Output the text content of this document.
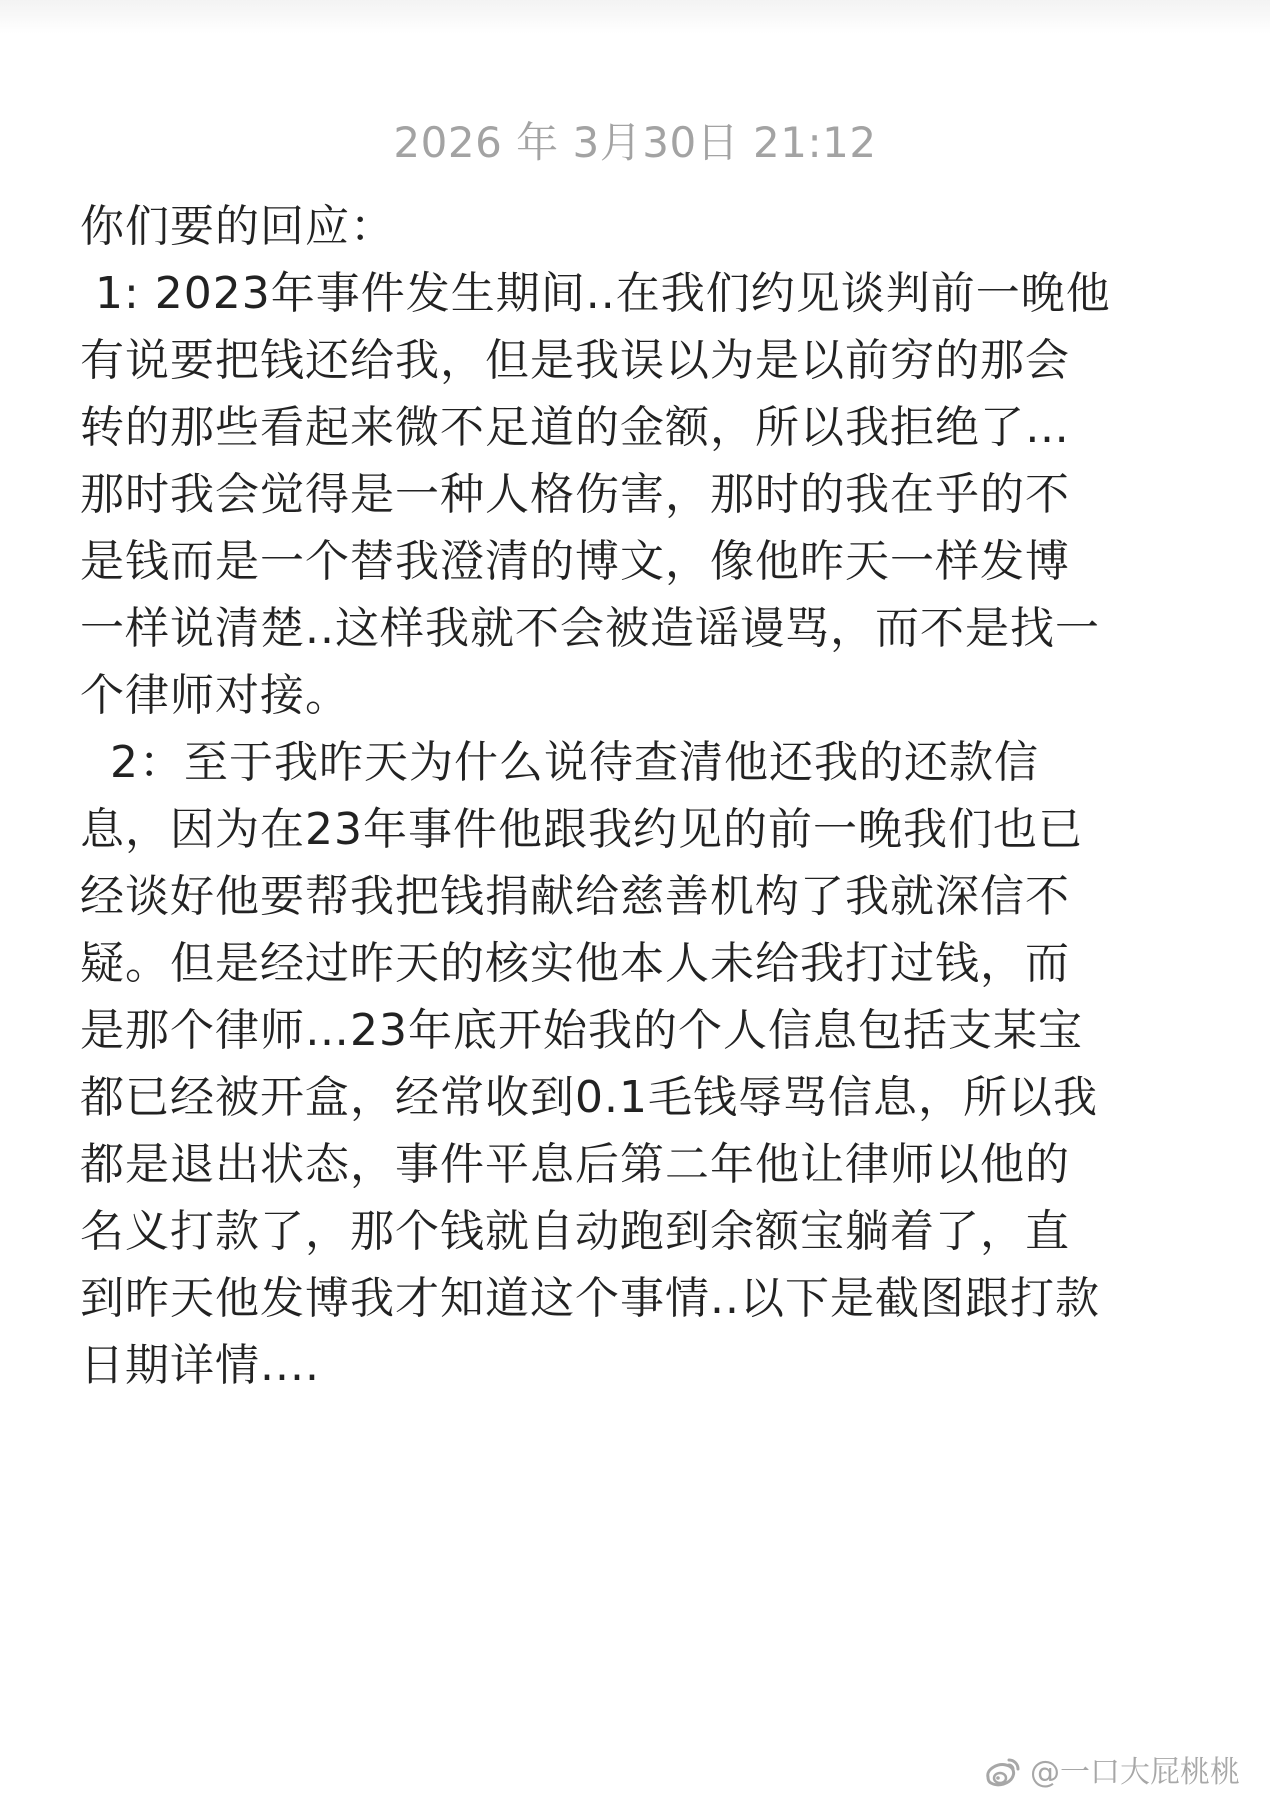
2026 年 3月30日 21:12
你们要的回应：
1: 2023年事件发生期间..在我们约见谈判前一晚他
有说要把钱还给我，但是我误以为是以前穷的那会
转的那些看起来微不足道的金额，所以我拒绝了…
那时我会觉得是一种人格伤害，那时的我在乎的不
是钱而是一个替我澄清的博文，像他昨天一样发博
一样说清楚..这样我就不会被造谣谩骂，而不是找一
个律师对接。
2：至于我昨天为什么说待查清他还我的还款信
息，因为在23年事件他跟我约见的前一晚我们也已
经谈好他要帮我把钱捐献给慈善机构了我就深信不
疑。但是经过昨天的核实他本人未给我打过钱，而
是那个律师…23年底开始我的个人信息包括支某宝
都已经被开盒，经常收到0.1毛钱辱骂信息，所以我
都是退出状态，事件平息后第二年他让律师以他的
名义打款了，那个钱就自动跑到余额宝躺着了，直
到昨天他发博我才知道这个事情..以下是截图跟打款
日期详情....
@一口大屁桃桃
